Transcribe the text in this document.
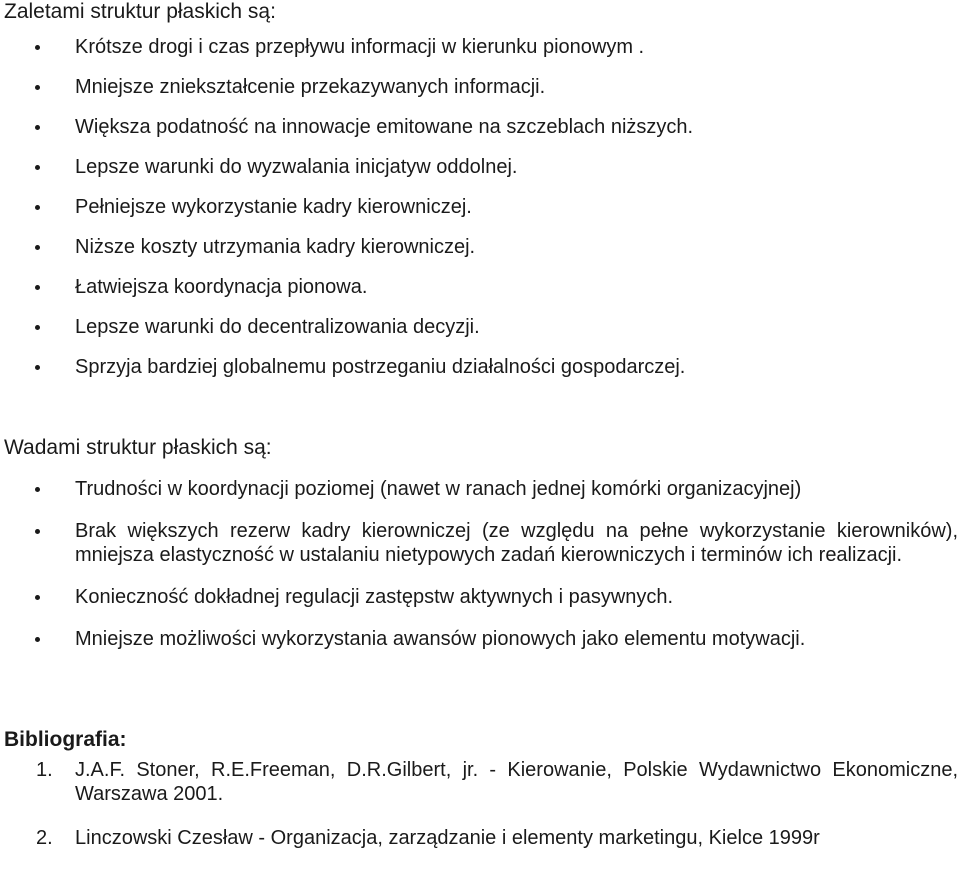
Zaletami struktur płaskich są:
Krótsze drogi i czas przepływu informacji w kierunku pionowym .
Mniejsze zniekształcenie przekazywanych informacji.
Większa podatność na innowacje emitowane na szczeblach niższych.
Lepsze warunki do wyzwalania inicjatyw oddolnej.
Pełniejsze wykorzystanie kadry kierowniczej.
Niższe koszty utrzymania kadry kierowniczej.
Łatwiejsza koordynacja pionowa.
Lepsze warunki do decentralizowania decyzji.
Sprzyja bardziej globalnemu postrzeganiu działalności gospodarczej.
Wadami struktur płaskich są:
Trudności w koordynacji poziomej (nawet w ranach jednej komórki organizacyjnej)
Brak większych rezerw kadry kierowniczej (ze względu na pełne wykorzystanie kierowników), mniejsza elastyczność w ustalaniu nietypowych zadań kierowniczych i terminów ich realizacji.
Konieczność dokładnej regulacji zastępstw aktywnych i pasywnych.
Mniejsze możliwości wykorzystania awansów pionowych jako elementu motywacji.
Bibliografia:
1. J.A.F. Stoner, R.E.Freeman, D.R.Gilbert, jr. - Kierowanie, Polskie Wydawnictwo Ekonomiczne, Warszawa 2001.
2. Linczowski Czesław - Organizacja, zarządzanie i elementy marketingu, Kielce 1999r
